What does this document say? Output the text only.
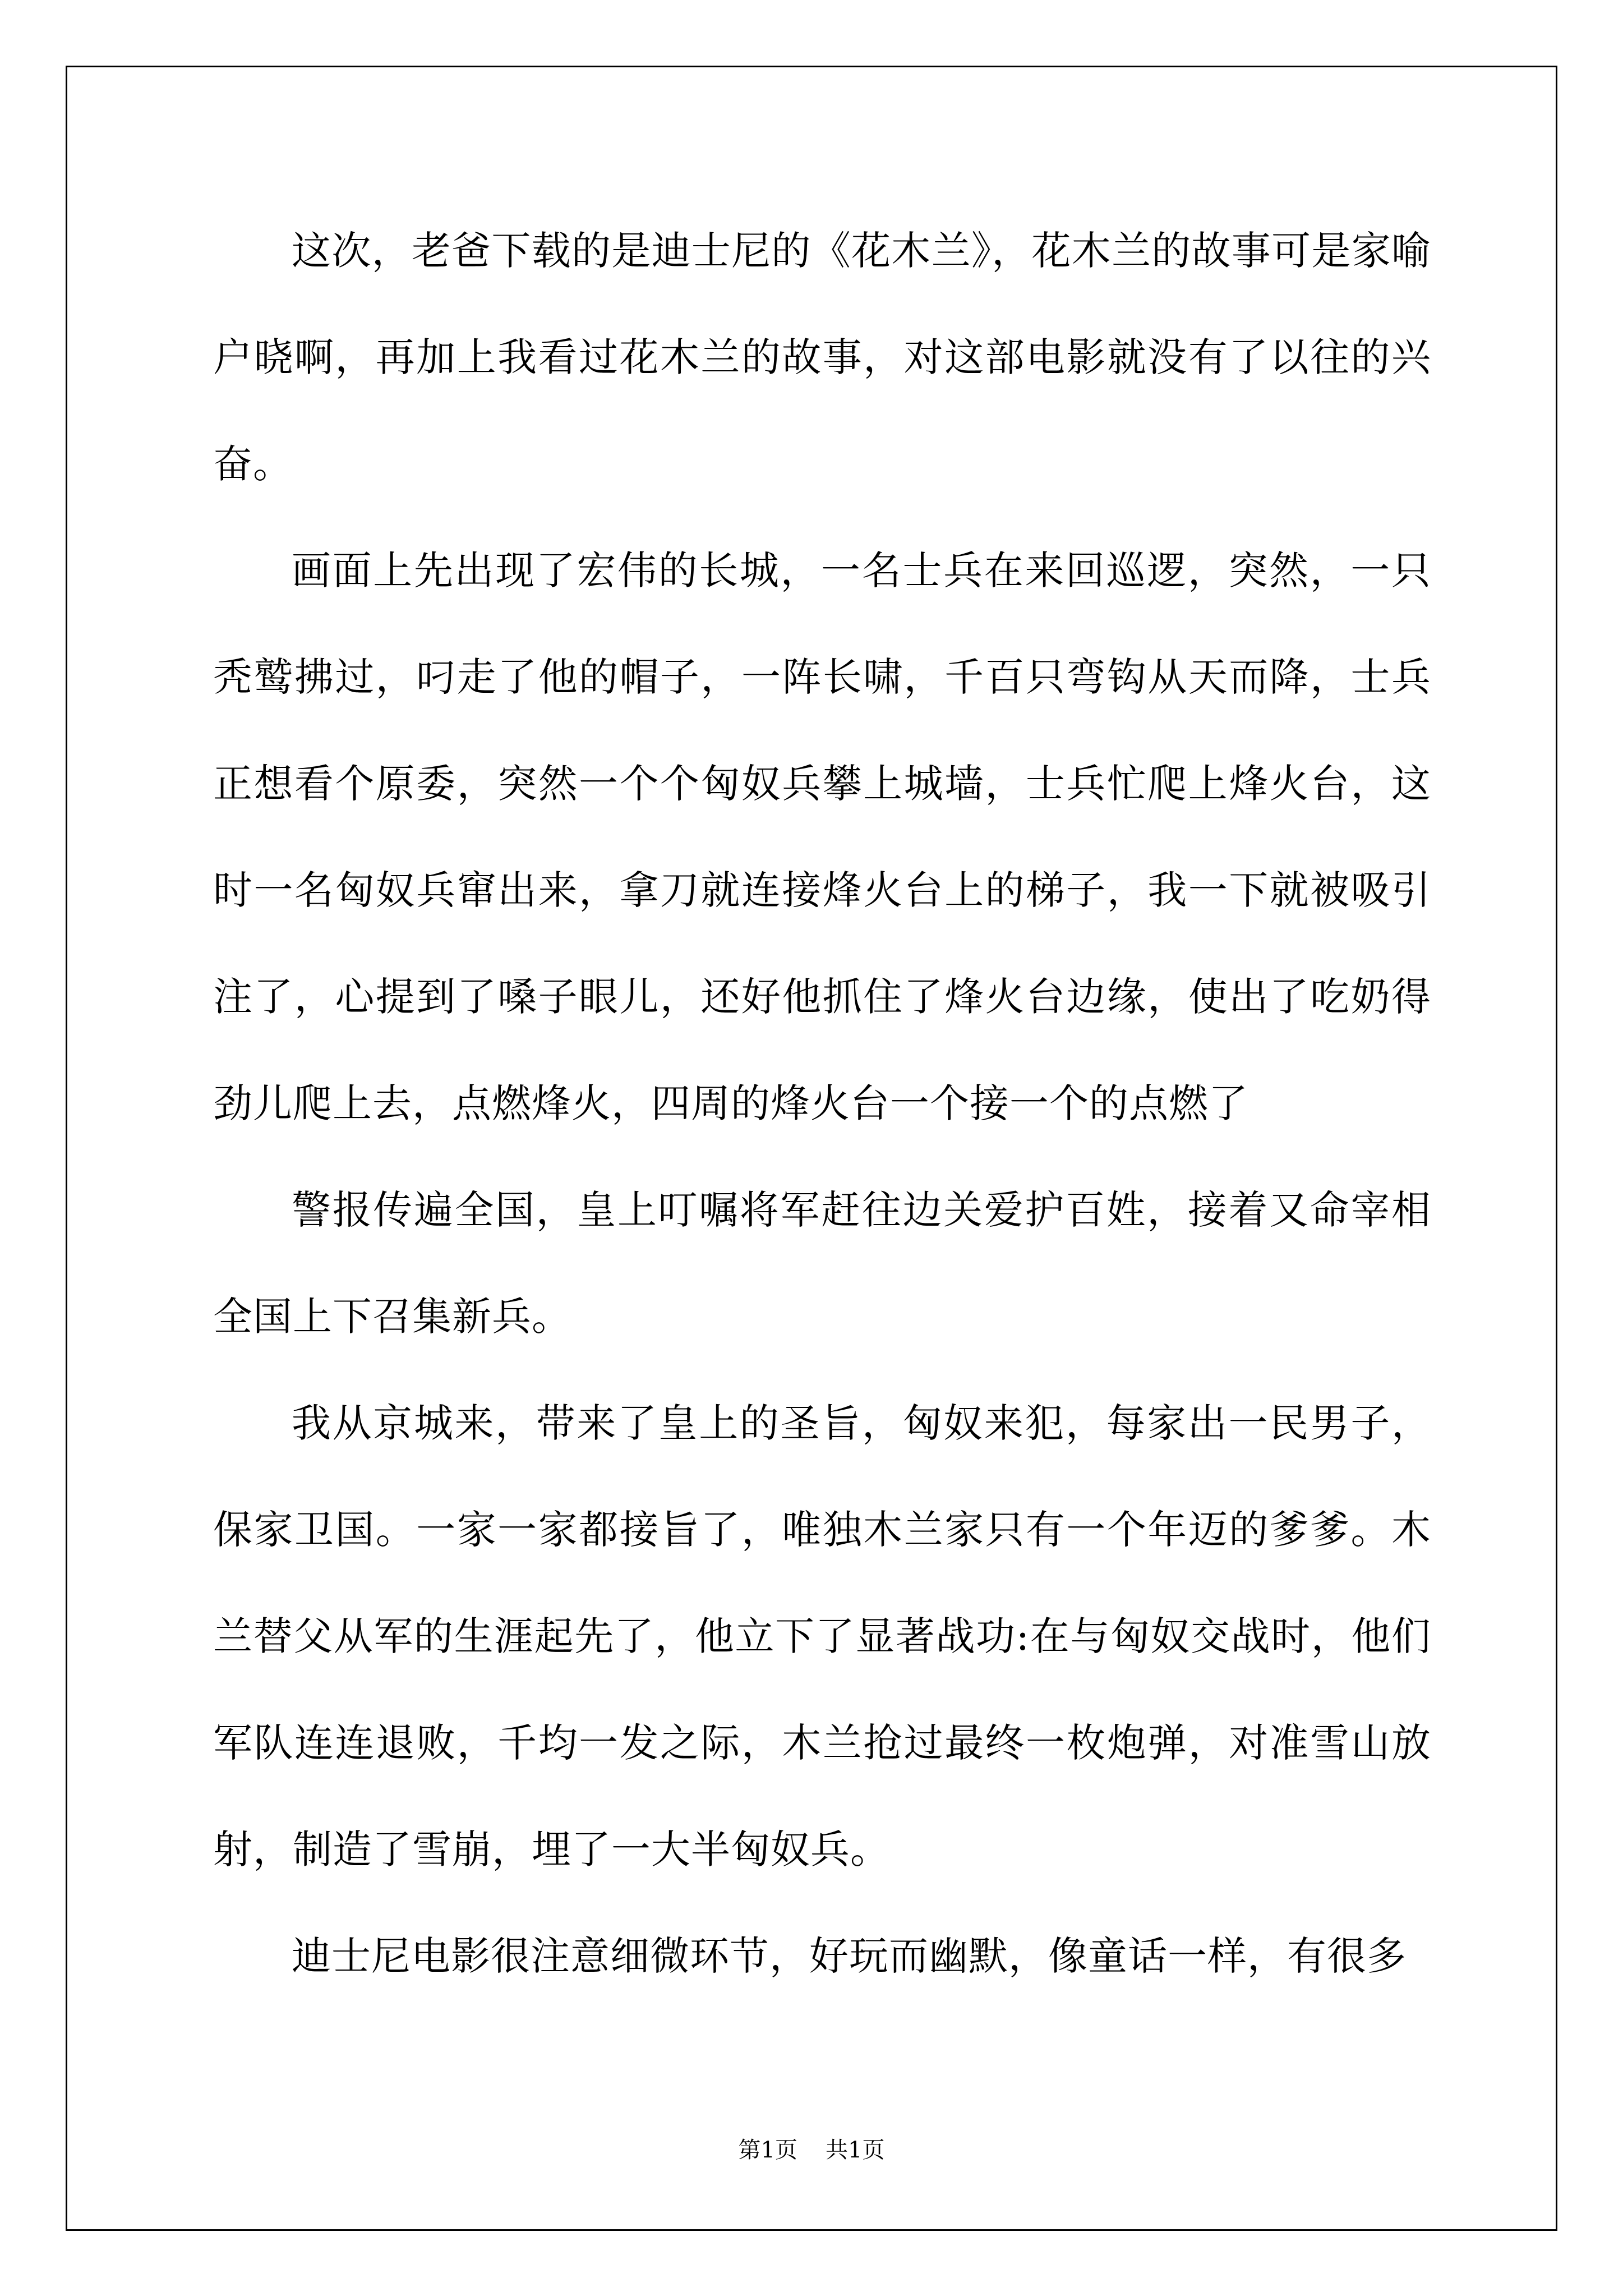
这次，老爸下载的是迪士尼的《花木兰》，花木兰的故事可是家喻户晓啊，再加上我看过花木兰的故事，对这部电影就没有了以往的兴奋。

画面上先出现了宏伟的长城，一名士兵在来回巡逻，突然，一只秃鹫拂过，叼走了他的帽子，一阵长啸，千百只弯钩从天而降，士兵正想看个原委，突然一个个匈奴兵攀上城墙，士兵忙爬上烽火台，这时一名匈奴兵窜出来，拿刀就连接烽火台上的梯子，我一下就被吸引注了，心提到了嗓子眼儿，还好他抓住了烽火台边缘，使出了吃奶得劲儿爬上去，点燃烽火，四周的烽火台一个接一个的点燃了

警报传遍全国，皇上叮嘱将军赶往边关爱护百姓，接着又命宰相全国上下召集新兵。

我从京城来，带来了皇上的圣旨，匈奴来犯，每家出一民男子，保家卫国。一家一家都接旨了，唯独木兰家只有一个年迈的爹爹。木兰替父从军的生涯起先了，他立下了显著战功:在与匈奴交战时，他们军队连连退败，千均一发之际，木兰抢过最终一枚炮弹，对准雪山放射，制造了雪崩，埋了一大半匈奴兵。

迪士尼电影很注意细微环节，好玩而幽默，像童话一样，有很多

第1页 共1页
